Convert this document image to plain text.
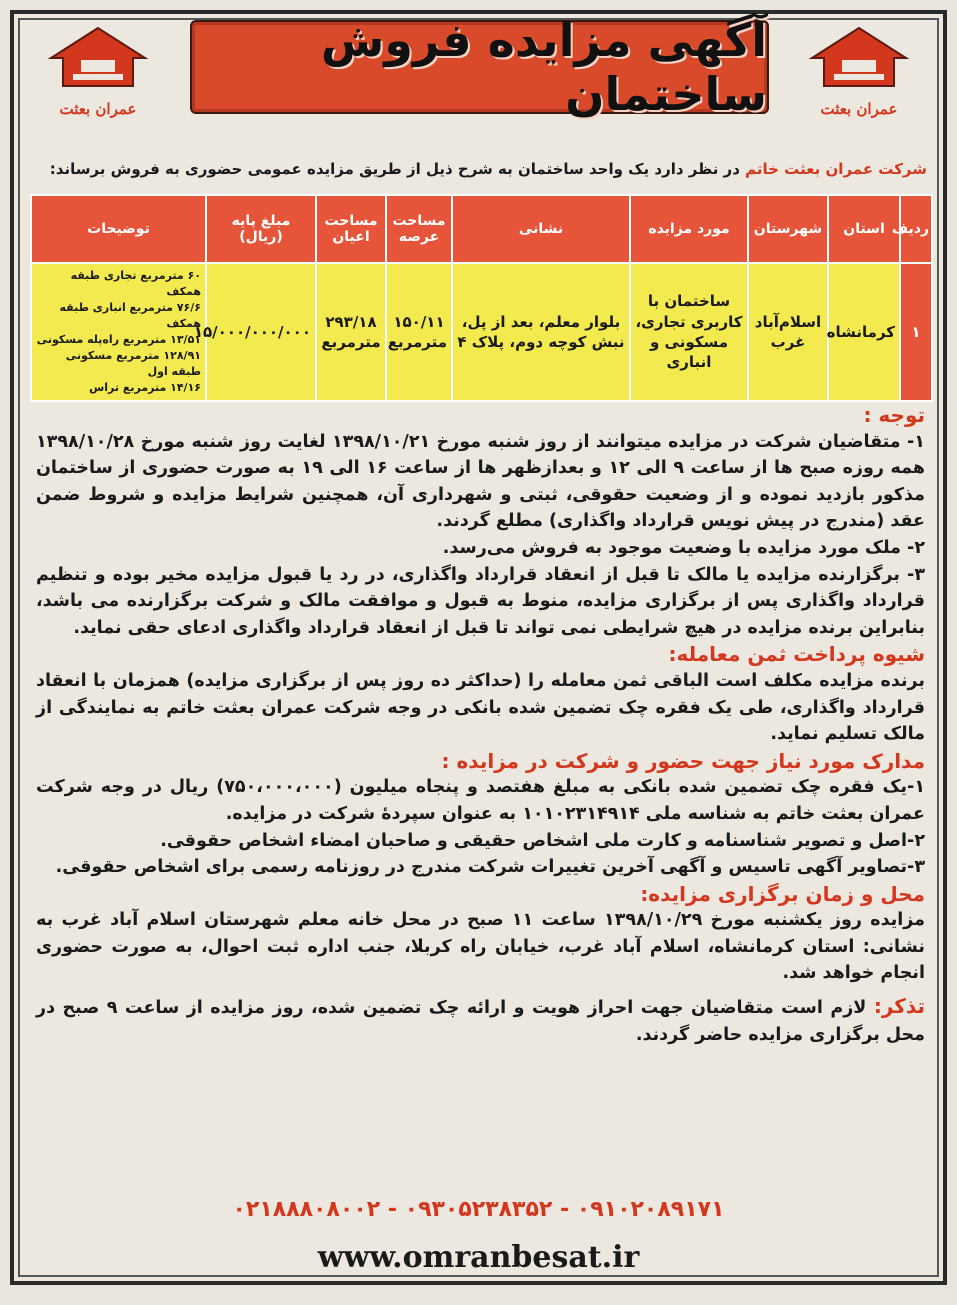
عمران بعثت
آگهی مزایده فروش ساختمان	عمران بعثت
شرکت عمران بعثت خاتم در نظر دارد یک واحد ساختمان به شرح ذیل از طریق مزایده عمومی حضوری به فروش برساند:
ردیف	استان	شهرستان	مورد مزایده	نشانی	مساحت عرصه	مساحت اعیان	مبلغ پایه (ریال)	توضیحات
۱	کرمانشاه	اسلام‌آباد غرب	ساختمان با کاربری تجاری، مسکونی و انباری	بلوار معلم، بعد از پل، نبش کوچه دوم، پلاک ۴	۱۵۰/۱۱ مترمربع	۲۹۳/۱۸ مترمربع	۱۵/۰۰۰/۰۰۰/۰۰۰	۶۰ مترمربع تجاری طبقه همکف
۷۶/۶ مترمربع انباری طبقه همکف
۱۳/۵۱ مترمربع راه‌پله مسکونی
۱۲۸/۹۱ مترمربع مسکونی طبقه اول
۱۴/۱۶ مترمربع تراس

توجه :

۱- متقاضیان شرکت در مزایده میتوانند از روز شنبه مورخ ۱۳۹۸/۱۰/۲۱ لغایت روز شنبه مورخ ۱۳۹۸/۱۰/۲۸ همه روزه صبح ها از ساعت ۹ الی ۱۲ و بعدازظهر ها از ساعت ۱۶ الی ۱۹ به صورت حضوری از ساختمان مذکور بازدید نموده و از وضعیت حقوقی، ثبتی و شهرداری آن، همچنین شرایط مزایده و شروط ضمن عقد (مندرج در پیش نویس قرارداد واگذاری) مطلع گردند.

۲- ملک مورد مزایده با وضعیت موجود به فروش می‌رسد.

۳- برگزارنده مزایده یا مالک تا قبل از انعقاد قرارداد واگذاری، در رد یا قبول مزایده مخیر بوده و تنظیم قرارداد واگذاری پس از برگزاری مزایده، منوط به قبول و موافقت مالک و شرکت برگزارنده می باشد، بنابراین برنده مزایده در هیچ شرایطی نمی تواند تا قبل از انعقاد قرارداد واگذاری ادعای حقی نماید.

شیوه پرداخت ثمن معامله:

برنده مزایده مکلف است الباقی ثمن معامله را (حداکثر ده روز پس از برگزاری مزایده) همزمان با انعقاد قرارداد واگذاری، طی یک فقره چک تضمین شده بانکی در وجه شرکت عمران بعثت خاتم به نمایندگی از مالک تسلیم نماید.

مدارک مورد نیاز جهت حضور و شرکت در مزایده :

۱-یک فقره چک تضمین شده بانکی به مبلغ هفتصد و پنجاه میلیون (۷۵۰،۰۰۰،۰۰۰) ریال در وجه شرکت عمران بعثت خاتم به شناسه ملی ۱۰۱۰۲۳۱۴۹۱۴ به عنوان سپردهٔ شرکت در مزایده.

۲-اصل و تصویر شناسنامه و کارت ملی اشخاص حقیقی و صاحبان امضاء اشخاص حقوقی.

۳-تصاویر آگهی تاسیس و آگهی آخرین تغییرات شرکت مندرج در روزنامه رسمی برای اشخاص حقوقی.

محل و زمان برگزاری مزایده:

مزایده روز یکشنبه مورخ ۱۳۹۸/۱۰/۲۹ ساعت ۱۱ صبح در محل خانه معلم شهرستان اسلام آباد غرب به نشانی: استان کرمانشاه، اسلام آباد غرب، خیابان راه کربلا، جنب اداره ثبت احوال، به صورت حضوری انجام خواهد شد.

تذکر: لازم است متقاضیان جهت احراز هویت و ارائه چک تضمین شده، روز مزایده از ساعت ۹ صبح در محل برگزاری مزایده حاضر گردند.

۰۲۱۸۸۸۰۸۰۰۲ - ۰۹۳۰۵۲۳۸۳۵۲ - ۰۹۱۰۲۰۸۹۱۷۱
www.omranbesat.ir
